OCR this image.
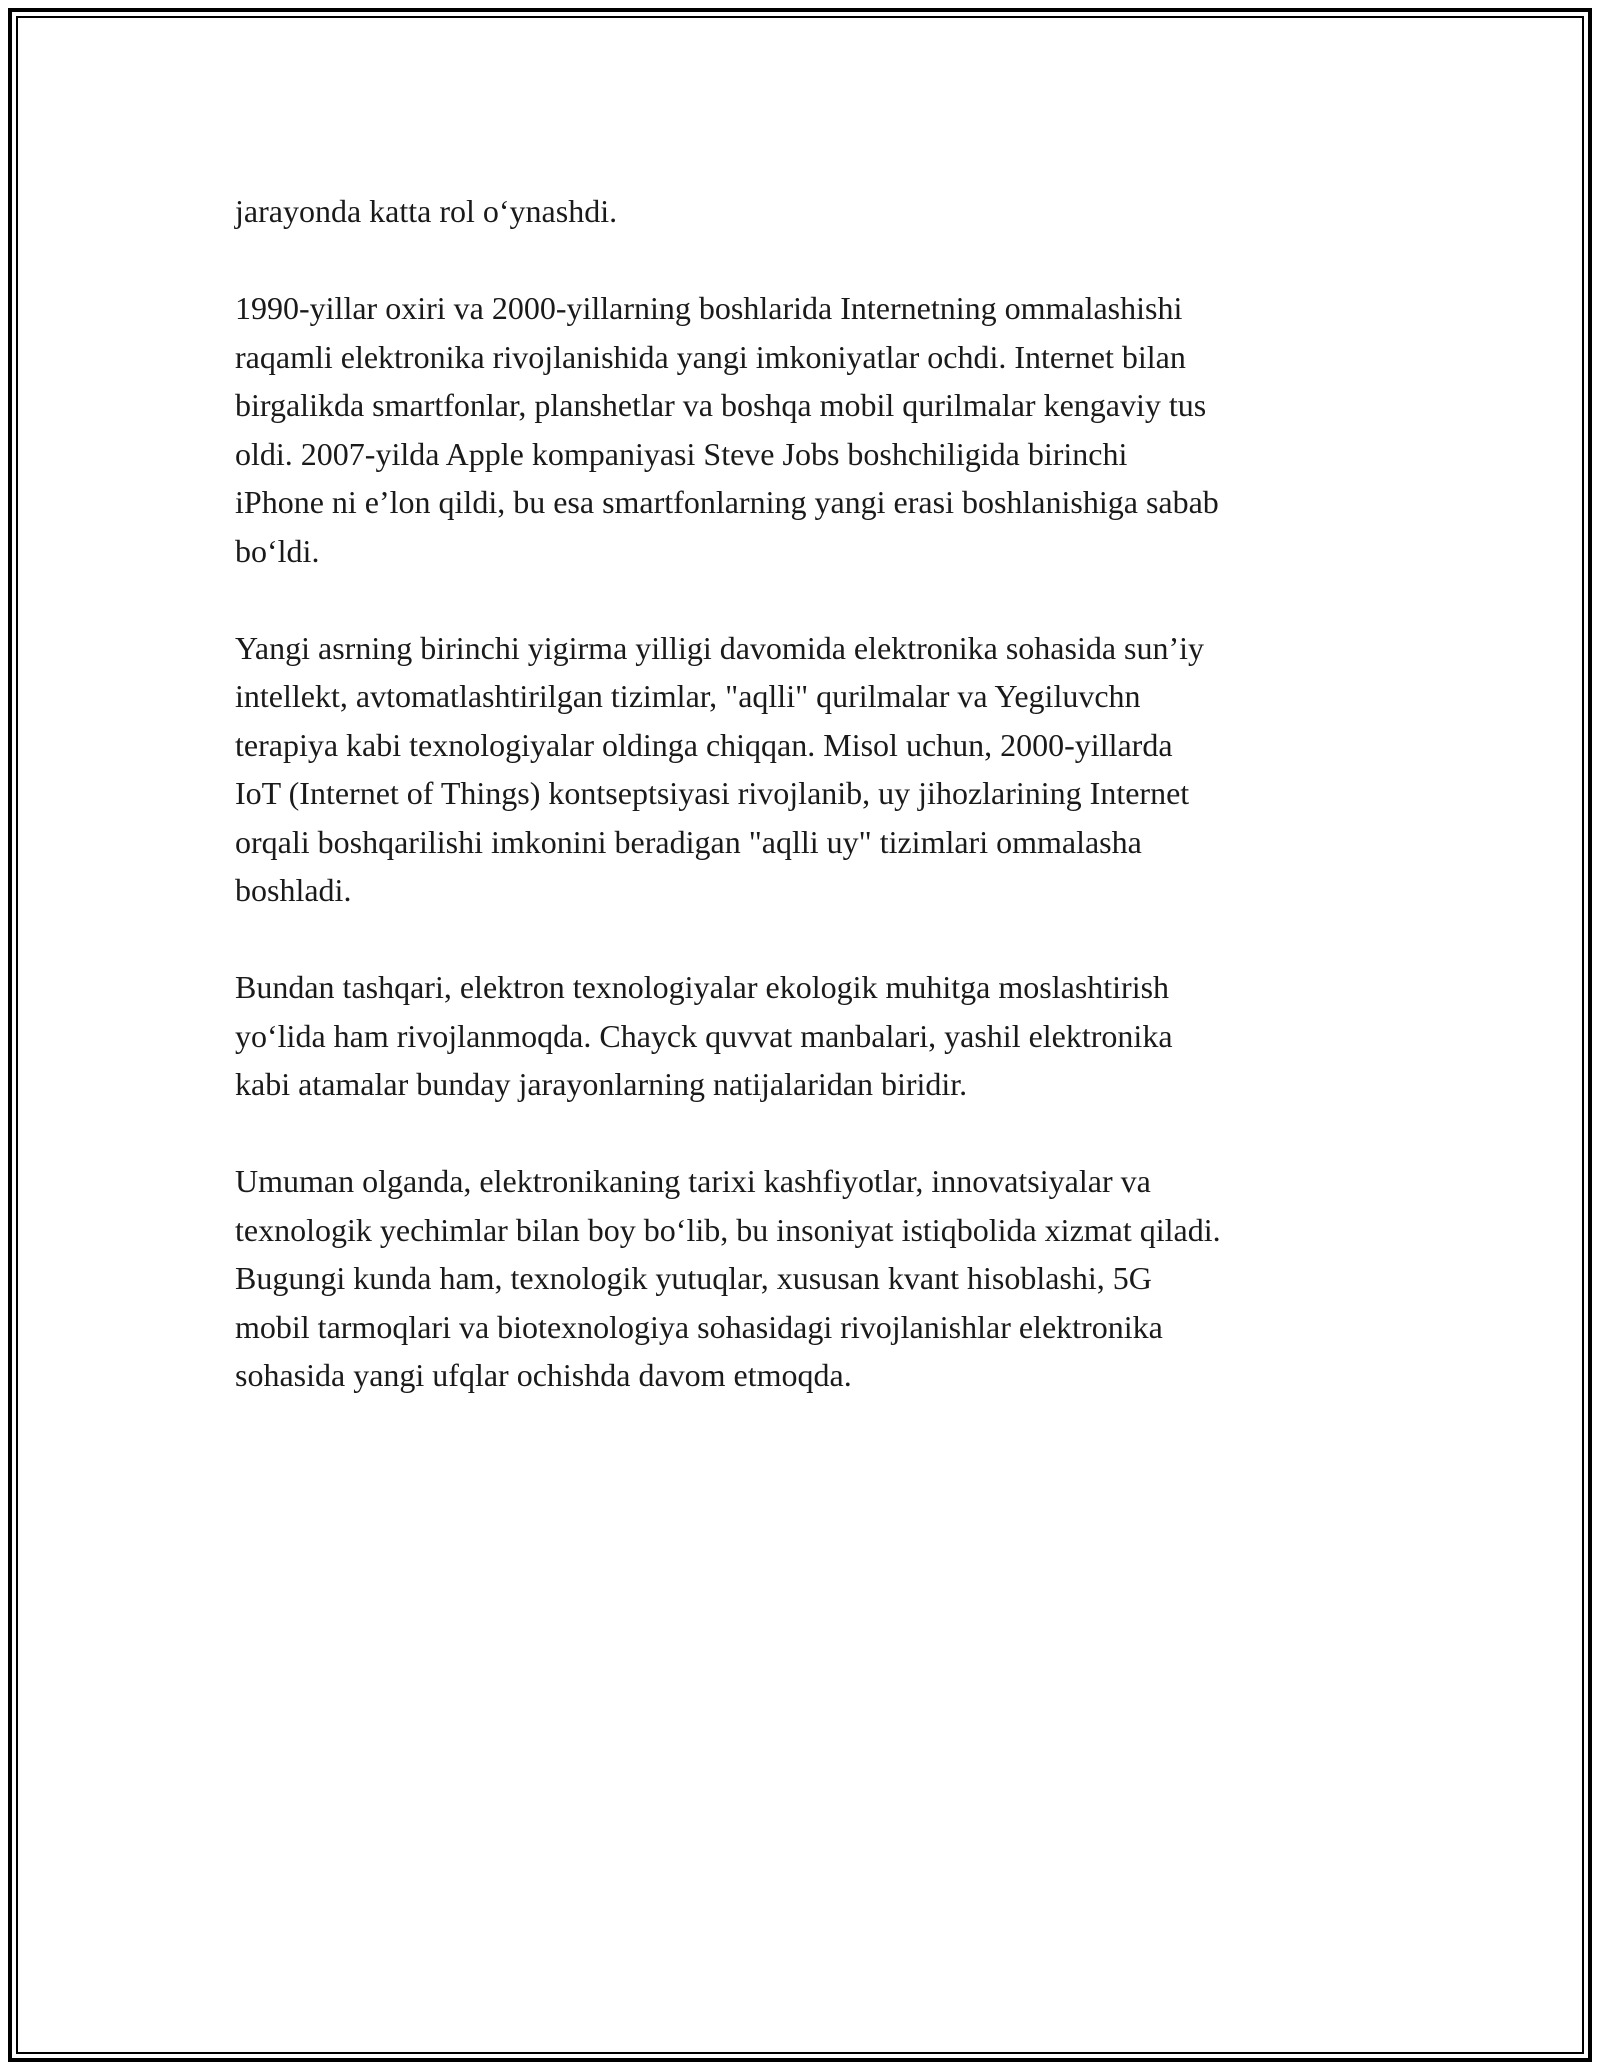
jarayonda katta rol o‘ynashdi.

1990-yillar oxiri va 2000-yillarning boshlarida Internetning ommalashishi
raqamli elektronika rivojlanishida yangi imkoniyatlar ochdi. Internet bilan
birgalikda smartfonlar, planshetlar va boshqa mobil qurilmalar kengaviy tus
oldi. 2007-yilda Apple kompaniyasi Steve Jobs boshchiligida birinchi
iPhone ni e’lon qildi, bu esa smartfonlarning yangi erasi boshlanishiga sabab
bo‘ldi.

Yangi asrning birinchi yigirma yilligi davomida elektronika sohasida sun’iy
intellekt, avtomatlashtirilgan tizimlar, "aqlli" qurilmalar va Yegiluvchn
terapiya kabi texnologiyalar oldinga chiqqan. Misol uchun, 2000-yillarda
IoT (Internet of Things) kontseptsiyasi rivojlanib, uy jihozlarining Internet
orqali boshqarilishi imkonini beradigan "aqlli uy" tizimlari ommalasha
boshladi.

Bundan tashqari, elektron texnologiyalar ekologik muhitga moslashtirish
yo‘lida ham rivojlanmoqda. Chayck quvvat manbalari, yashil elektronika
kabi atamalar bunday jarayonlarning natijalaridan biridir.

Umuman olganda, elektronikaning tarixi kashfiyotlar, innovatsiyalar va
texnologik yechimlar bilan boy bo‘lib, bu insoniyat istiqbolida xizmat qiladi.
Bugungi kunda ham, texnologik yutuqlar, xususan kvant hisoblashi, 5G
mobil tarmoqlari va biotexnologiya sohasidagi rivojlanishlar elektronika
sohasida yangi ufqlar ochishda davom etmoqda.
